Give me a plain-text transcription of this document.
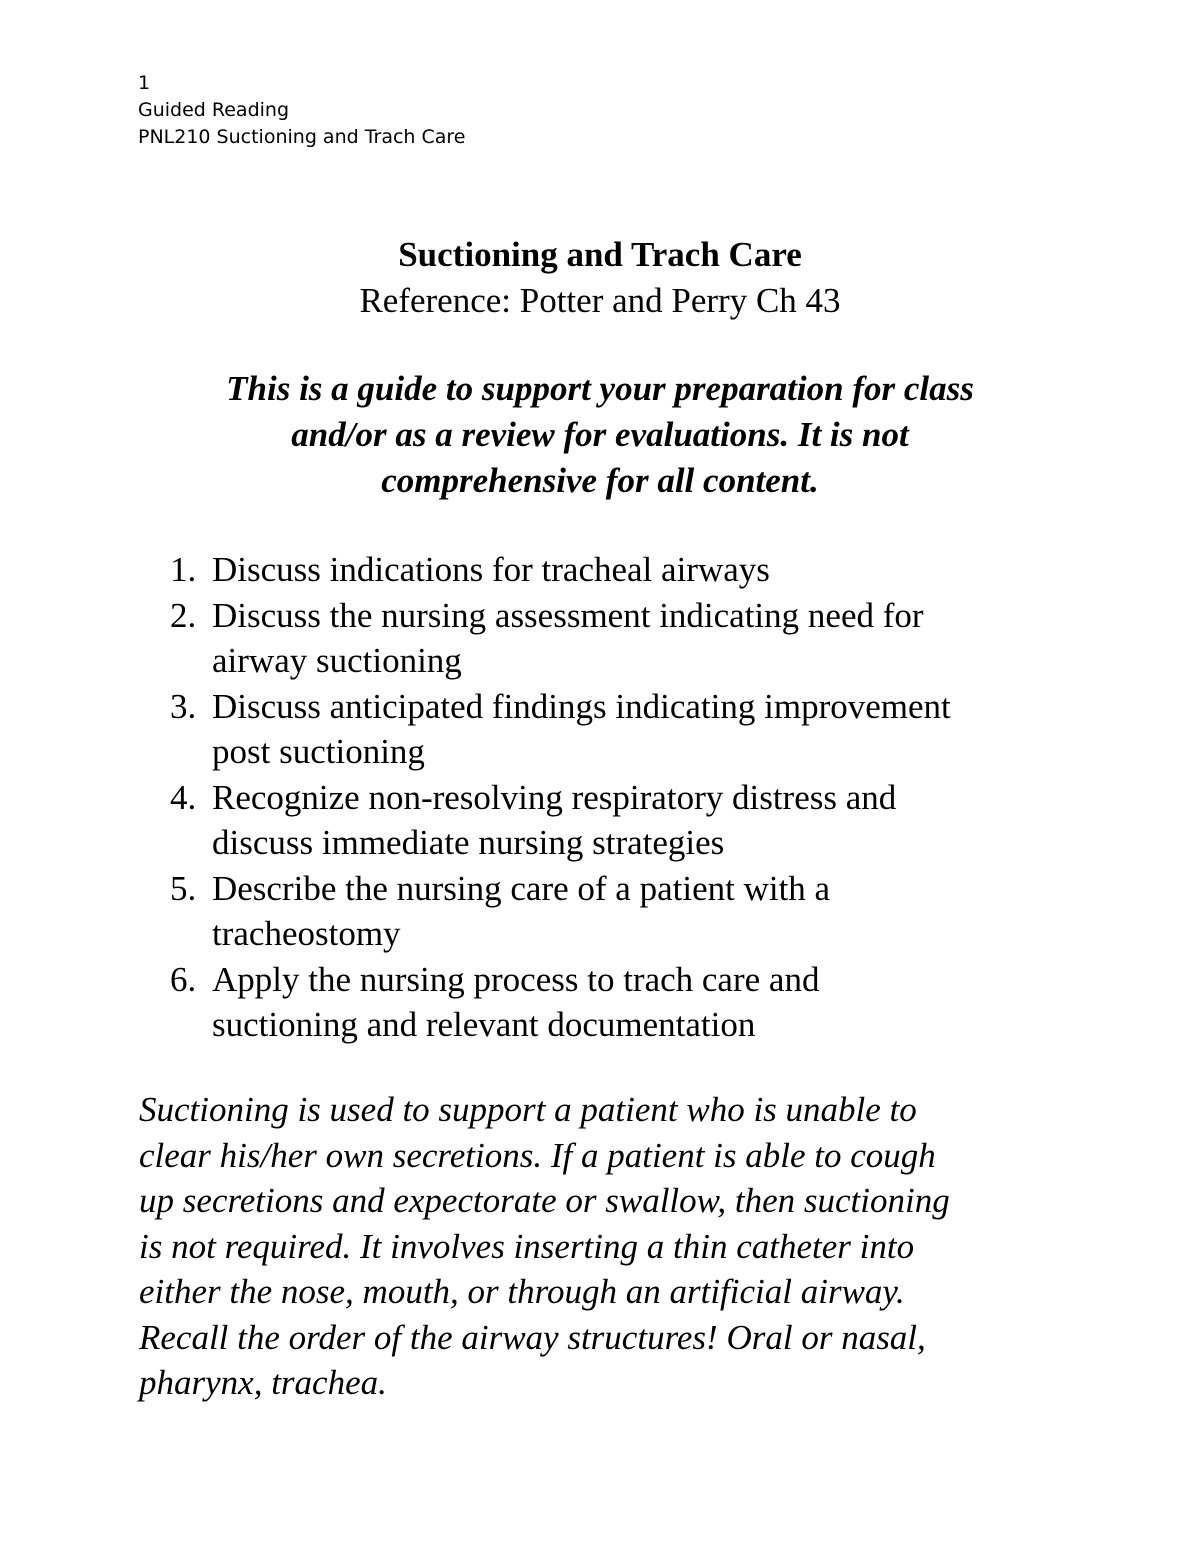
1
Guided Reading
PNL210 Suctioning and Trach Care
Suctioning and Trach Care
Reference: Potter and Perry Ch 43
This is a guide to support your preparation for class
and/or as a review for evaluations. It is not
comprehensive for all content.
1. Discuss indications for tracheal airways
2. Discuss the nursing assessment indicating need for
airway suctioning
3. Discuss anticipated findings indicating improvement
post suctioning
4. Recognize non-resolving respiratory distress and
discuss immediate nursing strategies
5. Describe the nursing care of a patient with a
tracheostomy
6. Apply the nursing process to trach care and
suctioning and relevant documentation
Suctioning is used to support a patient who is unable to
clear his/her own secretions. If a patient is able to cough
up secretions and expectorate or swallow, then suctioning
is not required. It involves inserting a thin catheter into
either the nose, mouth, or through an artificial airway.
Recall the order of the airway structures! Oral or nasal,
pharynx, trachea.
